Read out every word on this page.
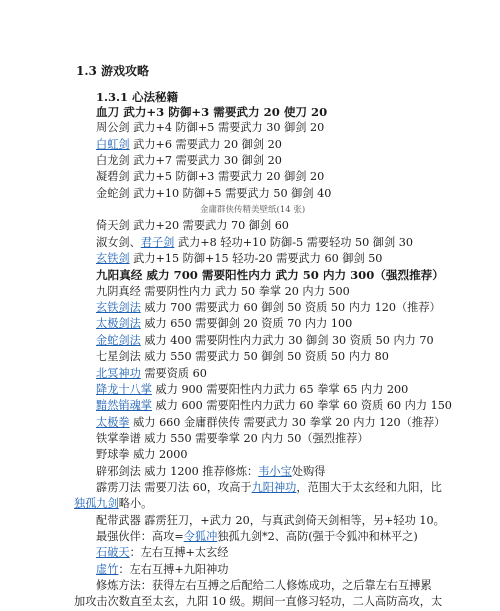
1.3 游戏攻略
1.3.1 心法秘籍
血刀 武力+3 防御+3 需要武力 20 使刀 20
周公剑 武力+4 防御+5 需要武力 30 御剑 20
白虹剑 武力+6 需要武力 20 御剑 20
白龙剑 武力+7 需要武力 30 御剑 20
凝碧剑 武力+5 防御+3 需要武力 20 御剑 20
金蛇剑 武力+10 防御+5 需要武力 50 御剑 40
金庸群侠传精美壁纸(14 张)
倚天剑 武力+20 需要武力 70 御剑 60
淑女剑、君子剑 武力+8 轻功+10 防御-5 需要轻功 50 御剑 30
玄铁剑 武力+15 防御+15 轻功-20 需要武力 60 御剑 50
九阳真经 威力 700 需要阳性内力 武力 50 内力 300（强烈推荐）
九阴真经 需要阴性内力 武力 50 拳掌 20 内力 500
玄铁剑法 威力 700 需要武力 60 御剑 50 资质 50 内力 120（推荐）
太极剑法 威力 650 需要御剑 20 资质 70 内力 100
金蛇剑法 威力 400 需要阴性内力武力 30 御剑 30 资质 50 内力 70
七星剑法 威力 550 需要武力 50 御剑 50 资质 50 内力 80
北冥神功 需要资质 60
降龙十八掌 威力 900 需要阳性内力武力 65 拳掌 65 内力 200
黯然销魂掌 威力 600 需要阳性内力武力 60 拳掌 60 资质 60 内力 150
太极拳 威力 660 金庸群侠传 需要武力 30 拳掌 20 内力 120（推荐）
铁掌拳谱 威力 550 需要拳掌 20 内力 50（强烈推荐）
野球拳 威力 2000
辟邪剑法 威力 1200 推荐修炼：韦小宝处购得
霹雳刀法 需要刀法 60，攻高于九阳神功，范围大于太玄经和九阳，比
独孤九剑略小。
配带武器 霹雳狂刀，+武力 20，与真武剑倚天剑相等，另+轻功 10。
最强伙伴：高攻=令狐冲独孤九剑*2、高防(强于令狐冲和林平之)
石破天：左右互搏+太玄经
虚竹：左右互搏+九阳神功
修炼方法：获得左右互搏之后配给二人修炼成功，之后靠左右互搏累
加攻击次数直至太玄，九阳 10 级。期间一直修习轻功，二人高防高攻，太
